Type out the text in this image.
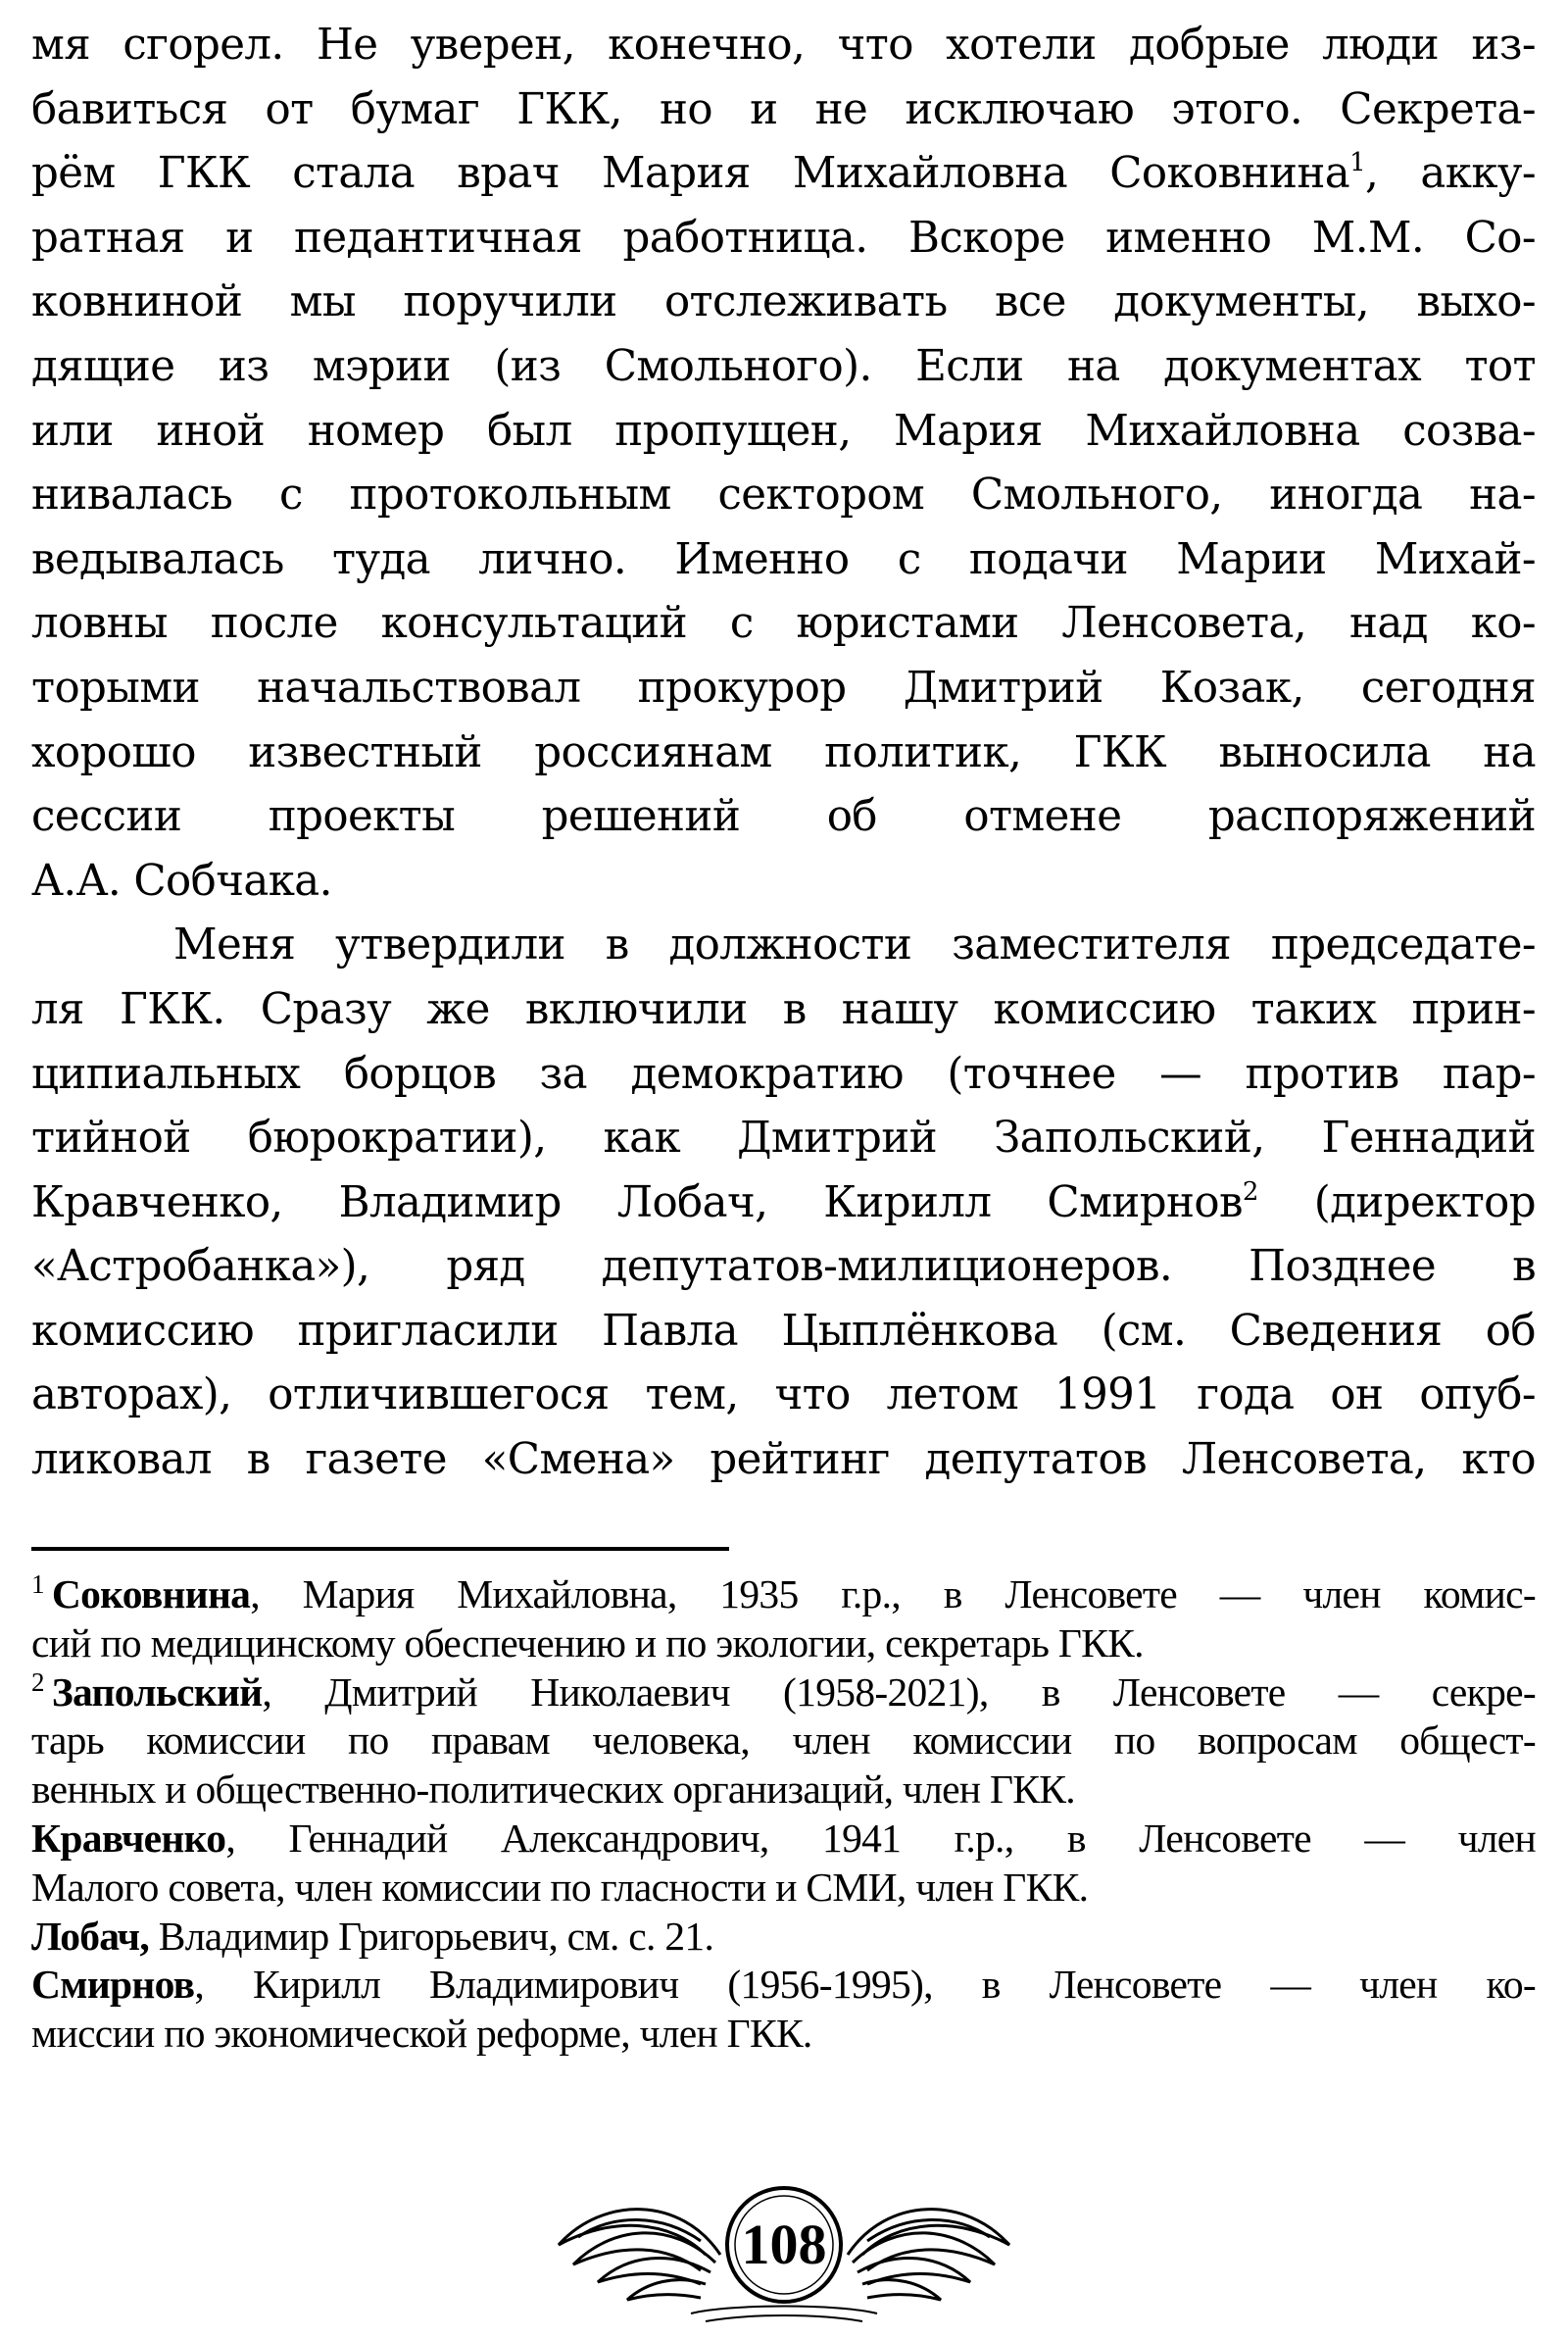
мя сгорел. Не уверен, конечно, что хотели добрые люди из-
бавиться от бумаг ГКК, но и не исключаю этого. Секрета-
рём ГКК стала врач Мария Михайловна Соковнина$^1$, акку-
ратная и педантичная работница. Вскоре именно М.М. Со-
ковниной мы поручили отслеживать все документы, выхо-
дящие из мэрии (из Смольного). Если на документах тот
или иной номер был пропущен, Мария Михайловна созва-
нивалась с протокольным сектором Смольного, иногда на-
ведывалась туда лично. Именно с подачи Марии Михай-
ловны после консультаций с юристами Ленсовета, над ко-
торыми начальствовал прокурор Дмитрий Козак, сегодня
хорошо известный россиянам политик, ГКК выносила на
сессии проекты решений об отмене распоряжений
А.А. Собчака.
Меня утвердили в должности заместителя председате-
ля ГКК. Сразу же включили в нашу комиссию таких прин-
ципиальных борцов за демократию (точнее — против пар-
тийной бюрократии), как Дмитрий Запольский, Геннадий
Кравченко, Владимир Лобач, Кирилл Смирнов$^2$ (директор
«Астробанка»), ряд депутатов-милиционеров. Позднее в
комиссию пригласили Павла Цыплёнкова (см. Сведения об
авторах), отличившегося тем, что летом 1991 года он опуб-
ликовал в газете «Смена» рейтинг депутатов Ленсовета, кто
$^1$ Соковнина, Мария Михайловна, 1935 г.р., в Ленсовете — член комис-
сий по медицинскому обеспечению и по экологии, секретарь ГКК.
$^2$ Запольский, Дмитрий Николаевич (1958-2021), в Ленсовете — секре-
тарь комиссии по правам человека, член комиссии по вопросам общест-
венных и общественно-политических организаций, член ГКК.
Кравченко, Геннадий Александрович, 1941 г.р., в Ленсовете — член
Малого совета, член комиссии по гласности и СМИ, член ГКК.
Лобач, Владимир Григорьевич, см. с. 21.
Смирнов, Кирилл Владимирович (1956-1995), в Ленсовете — член ко-
миссии по экономической реформе, член ГКК.
108
